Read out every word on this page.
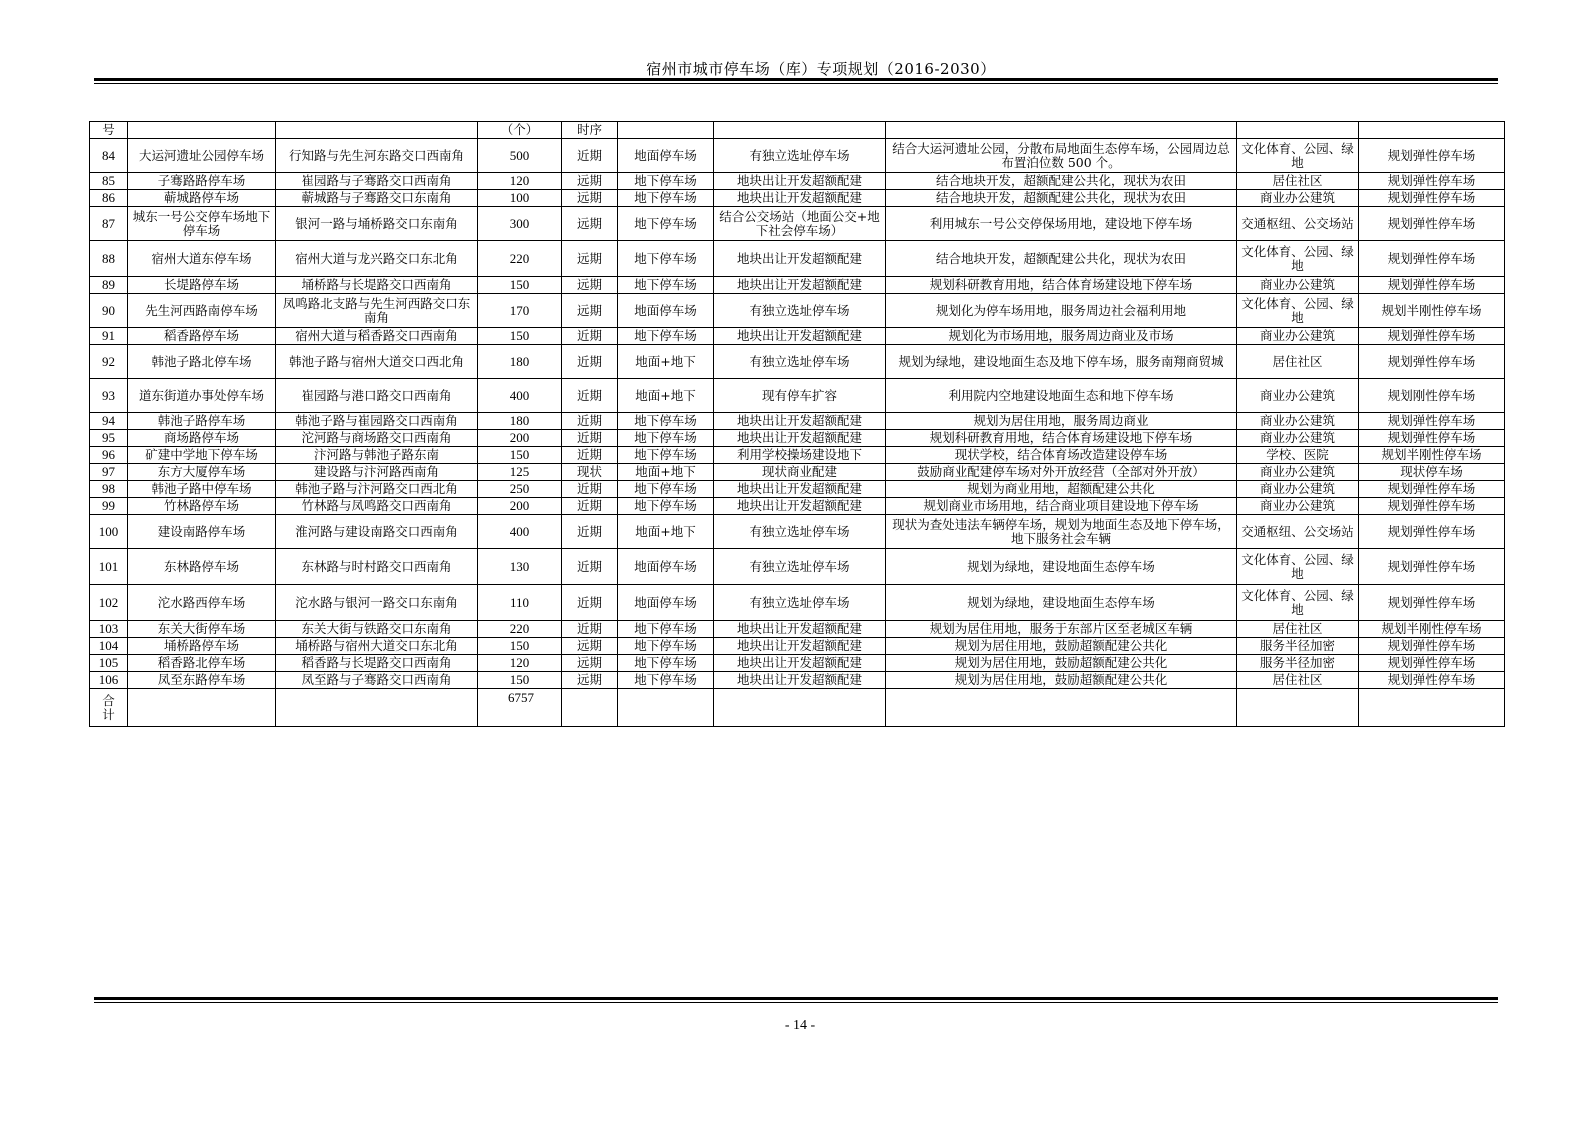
宿州市城市停车场（库）专项规划（2016-2030）
号			（个）	时序					
84	大运河遗址公园停车场	行知路与先生河东路交口西南角	500	近期	地面停车场	有独立选址停车场	结合大运河遗址公园，分散布局地面生态停车场，公园周边总布置泊位数 500 个。	文化体育、公园、绿地	规划弹性停车场
85	子骞路路停车场	崔园路与子骞路交口西南角	120	远期	地下停车场	地块出让开发超额配建	结合地块开发，超额配建公共化，现状为农田	居住社区	规划弹性停车场
86	蕲城路停车场	蕲城路与子骞路交口东南角	100	远期	地下停车场	地块出让开发超额配建	结合地块开发，超额配建公共化，现状为农田	商业办公建筑	规划弹性停车场
87	城东一号公交停车场地下停车场	银河一路与埇桥路交口东南角	300	远期	地下停车场	结合公交场站（地面公交+地下社会停车场）	利用城东一号公交停保场用地，建设地下停车场	交通枢纽、公交场站	规划弹性停车场
88	宿州大道东停车场	宿州大道与龙兴路交口东北角	220	远期	地下停车场	地块出让开发超额配建	结合地块开发，超额配建公共化，现状为农田	文化体育、公园、绿地	规划弹性停车场
89	长堤路停车场	埇桥路与长堤路交口西南角	150	远期	地下停车场	地块出让开发超额配建	规划科研教育用地，结合体育场建设地下停车场	商业办公建筑	规划弹性停车场
90	先生河西路南停车场	凤鸣路北支路与先生河西路交口东南角	170	远期	地面停车场	有独立选址停车场	规划化为停车场用地，服务周边社会福利用地	文化体育、公园、绿地	规划半刚性停车场
91	稻香路停车场	宿州大道与稻香路交口西南角	150	近期	地下停车场	地块出让开发超额配建	规划化为市场用地，服务周边商业及市场	商业办公建筑	规划弹性停车场
92	韩池子路北停车场	韩池子路与宿州大道交口西北角	180	近期	地面+地下	有独立选址停车场	规划为绿地，建设地面生态及地下停车场，服务南翔商贸城	居住社区	规划弹性停车场
93	道东街道办事处停车场	崔园路与港口路交口西南角	400	近期	地面+地下	现有停车扩容	利用院内空地建设地面生态和地下停车场	商业办公建筑	规划刚性停车场
94	韩池子路停车场	韩池子路与崔园路交口西南角	180	近期	地下停车场	地块出让开发超额配建	规划为居住用地，服务周边商业	商业办公建筑	规划弹性停车场
95	商场路停车场	沱河路与商场路交口西南角	200	近期	地下停车场	地块出让开发超额配建	规划科研教育用地，结合体育场建设地下停车场	商业办公建筑	规划弹性停车场
96	矿建中学地下停车场	汴河路与韩池子路东南	150	近期	地下停车场	利用学校操场建设地下	现状学校，结合体育场改造建设停车场	学校、医院	规划半刚性停车场
97	东方大厦停车场	建设路与汴河路西南角	125	现状	地面+地下	现状商业配建	鼓励商业配建停车场对外开放经营（全部对外开放）	商业办公建筑	现状停车场
98	韩池子路中停车场	韩池子路与汴河路交口西北角	250	近期	地下停车场	地块出让开发超额配建	规划为商业用地，超额配建公共化	商业办公建筑	规划弹性停车场
99	竹林路停车场	竹林路与凤鸣路交口西南角	200	近期	地下停车场	地块出让开发超额配建	规划商业市场用地，结合商业项目建设地下停车场	商业办公建筑	规划弹性停车场
100	建设南路停车场	淮河路与建设南路交口西南角	400	近期	地面+地下	有独立选址停车场	现状为查处违法车辆停车场，规划为地面生态及地下停车场，地下服务社会车辆	交通枢纽、公交场站	规划弹性停车场
101	东林路停车场	东林路与时村路交口西南角	130	近期	地面停车场	有独立选址停车场	规划为绿地，建设地面生态停车场	文化体育、公园、绿地	规划弹性停车场
102	沱水路西停车场	沱水路与银河一路交口东南角	110	近期	地面停车场	有独立选址停车场	规划为绿地，建设地面生态停车场	文化体育、公园、绿地	规划弹性停车场
103	东关大街停车场	东关大街与铁路交口东南角	220	近期	地下停车场	地块出让开发超额配建	规划为居住用地，服务于东部片区至老城区车辆	居住社区	规划半刚性停车场
104	埇桥路停车场	埇桥路与宿州大道交口东北角	150	远期	地下停车场	地块出让开发超额配建	规划为居住用地，鼓励超额配建公共化	服务半径加密	规划弹性停车场
105	稻香路北停车场	稻香路与长堤路交口西南角	120	远期	地下停车场	地块出让开发超额配建	规划为居住用地，鼓励超额配建公共化	服务半径加密	规划弹性停车场
106	凤至东路停车场	凤至路与子骞路交口西南角	150	远期	地下停车场	地块出让开发超额配建	规划为居住用地，鼓励超额配建公共化	居住社区	规划弹性停车场
合计			6757						
- 14 -
